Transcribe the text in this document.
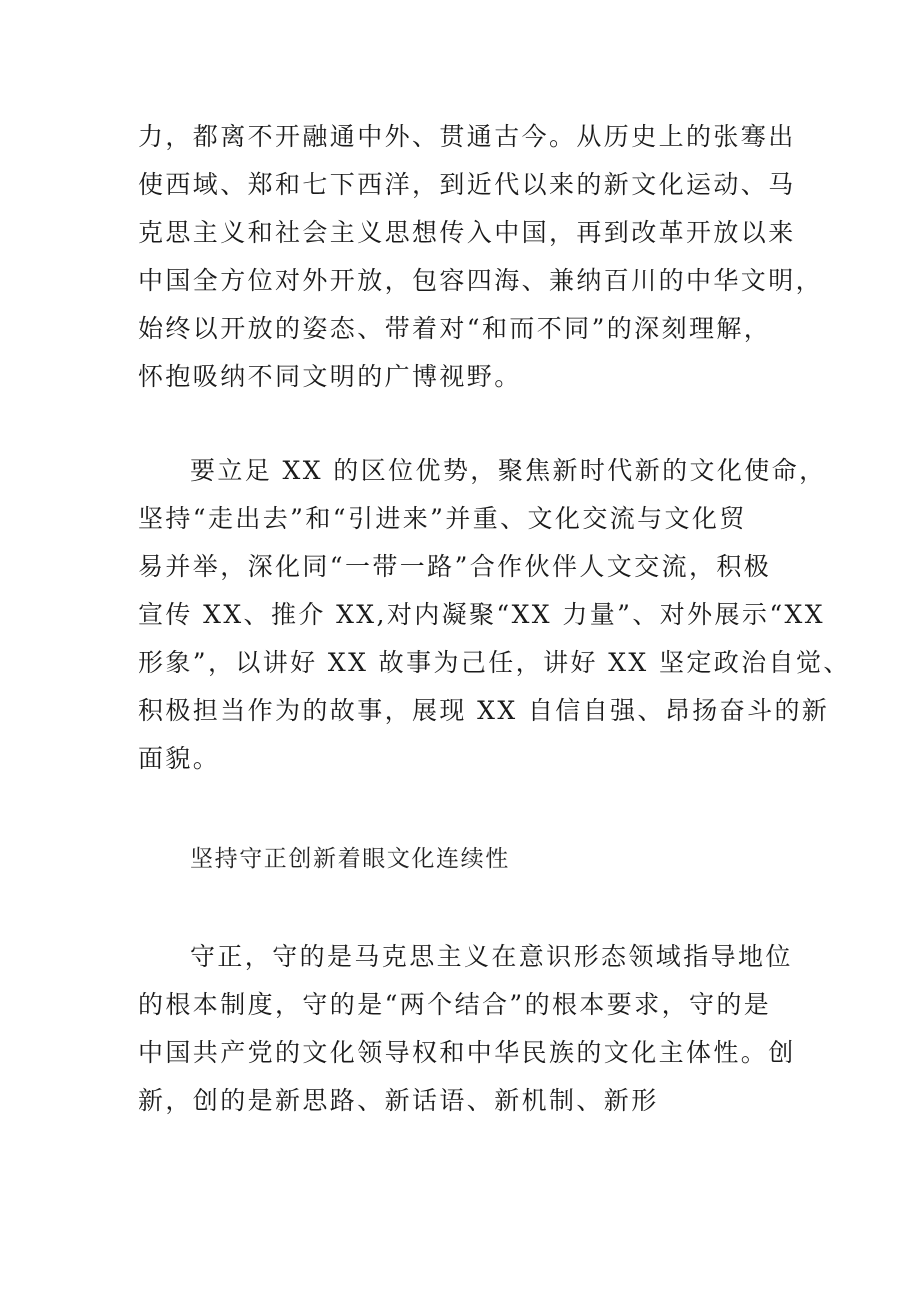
力，都离不开融通中外、贯通古今。从历史上的张骞出
使西域、郑和七下西洋，到近代以来的新文化运动、马
克思主义和社会主义思想传入中国，再到改革开放以来
中国全方位对外开放，包容四海、兼纳百川的中华文明，
始终以开放的姿态、带着对“和而不同”的深刻理解，
怀抱吸纳不同文明的广博视野。
要立足 XX 的区位优势，聚焦新时代新的文化使命，
坚持“走出去”和“引进来”并重、文化交流与文化贸
易并举，深化同“一带一路”合作伙伴人文交流，积极
宣传 XX、推介 XX,对内凝聚“XX 力量”、对外展示“XX
形象”，以讲好 XX 故事为己任，讲好 XX 坚定政治自觉、
积极担当作为的故事，展现 XX 自信自强、昂扬奋斗的新
面貌。
坚持守正创新着眼文化连续性
守正，守的是马克思主义在意识形态领域指导地位
的根本制度，守的是“两个结合”的根本要求，守的是
中国共产党的文化领导权和中华民族的文化主体性。创
新，创的是新思路、新话语、新机制、新形
